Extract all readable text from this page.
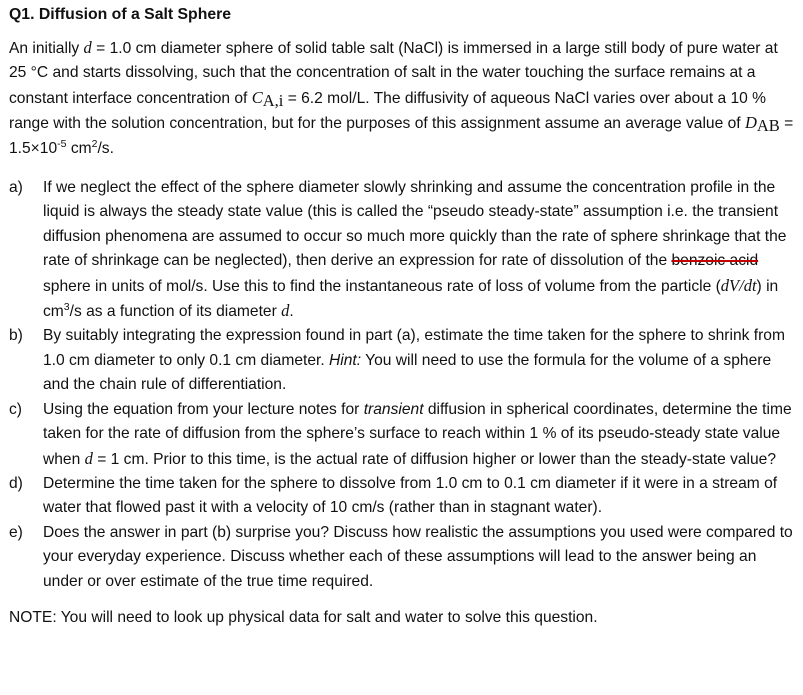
Q1. Diffusion of a Salt Sphere
An initially d = 1.0 cm diameter sphere of solid table salt (NaCl) is immersed in a large still body of pure water at 25 °C and starts dissolving, such that the concentration of salt in the water touching the surface remains at a constant interface concentration of $C_{A,i} = 6.2$ mol/L. The diffusivity of aqueous NaCl varies over about a 10 % range with the solution concentration, but for the purposes of this assignment assume an average value of $D_{AB} = 1.5\times 10^{-5}$ $cm^2/s$.
a) If we neglect the effect of the sphere diameter slowly shrinking and assume the concentration profile in the liquid is always the steady state value (this is called the “pseudo steady-state” assumption i.e. the transient diffusion phenomena are assumed to occur so much more quickly than the rate of sphere shrinkage that the rate of shrinkage can be neglected), then derive an expression for rate of dissolution of the benzoic acid sphere in units of mol/s. Use this to find the instantaneous rate of loss of volume from the particle (dV/dt) in $cm^3/s$ as a function of its diameter d.
b) By suitably integrating the expression found in part (a), estimate the time taken for the sphere to shrink from 1.0 cm diameter to only 0.1 cm diameter. Hint: You will need to use the formula for the volume of a sphere and the chain rule of differentiation.
c) Using the equation from your lecture notes for transient diffusion in spherical coordinates, determine the time taken for the rate of diffusion from the sphere’s surface to reach within 1 % of its pseudo-steady state value when d = 1 cm. Prior to this time, is the actual rate of diffusion higher or lower than the steady-state value?
d) Determine the time taken for the sphere to dissolve from 1.0 cm to 0.1 cm diameter if it were in a stream of water that flowed past it with a velocity of 10 cm/s (rather than in stagnant water).
e) Does the answer in part (b) surprise you? Discuss how realistic the assumptions you used were compared to your everyday experience. Discuss whether each of these assumptions will lead to the answer being an under or over estimate of the true time required.
NOTE: You will need to look up physical data for salt and water to solve this question.
